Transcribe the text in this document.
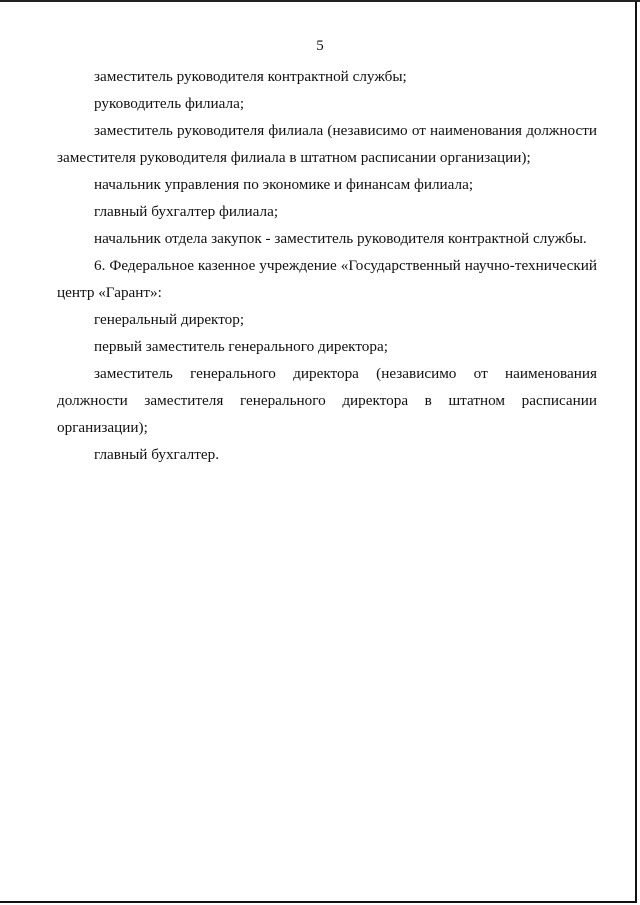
5

заместитель руководителя контрактной службы;

руководитель филиала;

заместитель руководителя филиала (независимо от наименования должности заместителя руководителя филиала в штатном расписании организации);

начальник управления по экономике и финансам филиала;

главный бухгалтер филиала;

начальник отдела закупок - заместитель руководителя контрактной службы.

6. Федеральное казенное учреждение «Государственный научно-технический центр «Гарант»:

генеральный директор;

первый заместитель генерального директора;

заместитель генерального директора (независимо от наименования должности заместителя генерального директора в штатном расписании организации);

главный бухгалтер.
